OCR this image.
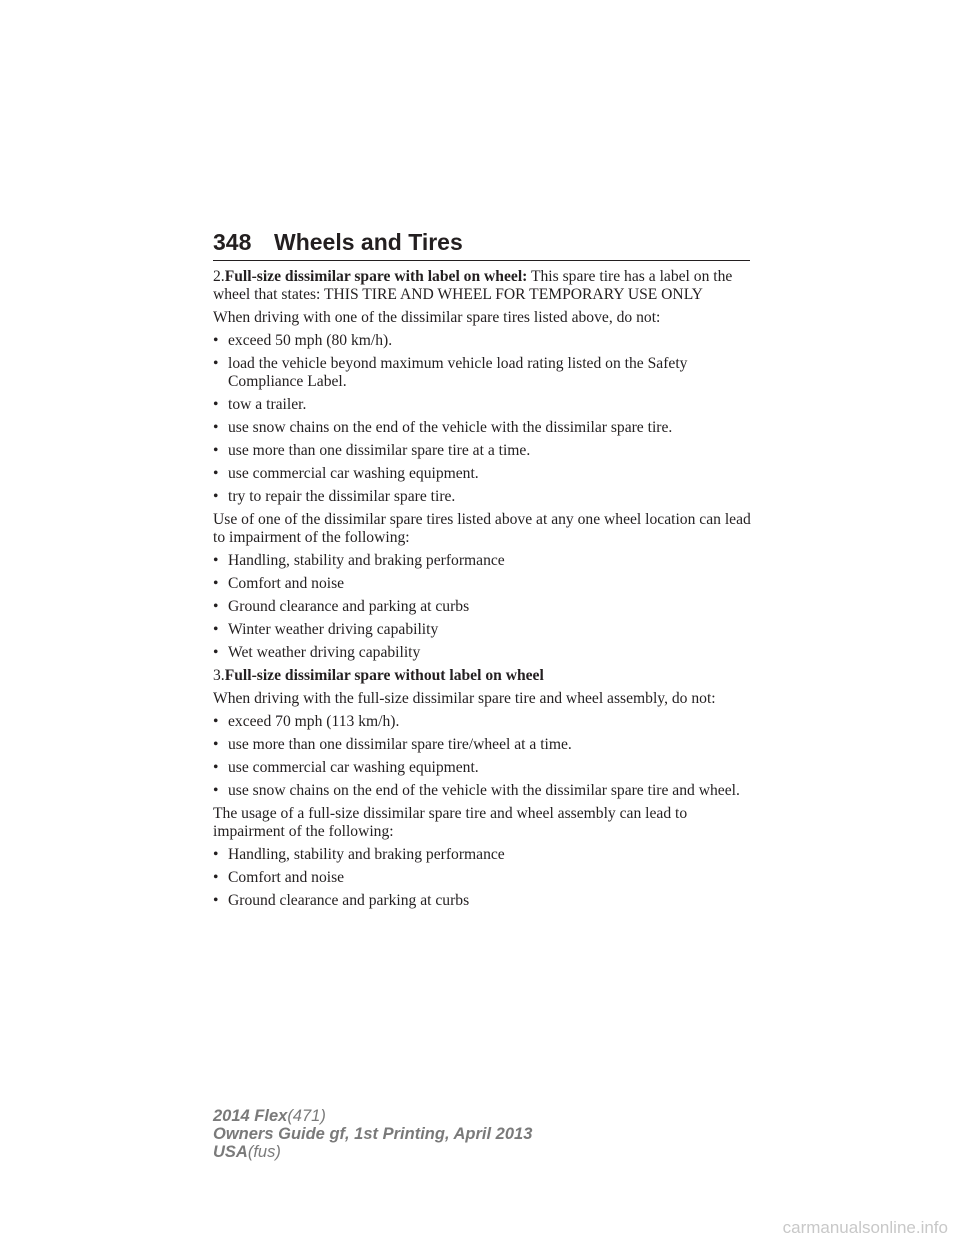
348 Wheels and Tires

2.Full-size dissimilar spare with label on wheel: This spare tire has a label on the wheel that states: THIS TIRE AND WHEEL FOR TEMPORARY USE ONLY

When driving with one of the dissimilar spare tires listed above, do not:

• exceed 50 mph (80 km/h).
• load the vehicle beyond maximum vehicle load rating listed on the Safety Compliance Label.
• tow a trailer.
• use snow chains on the end of the vehicle with the dissimilar spare tire.
• use more than one dissimilar spare tire at a time.
• use commercial car washing equipment.
• try to repair the dissimilar spare tire.

Use of one of the dissimilar spare tires listed above at any one wheel location can lead to impairment of the following:

• Handling, stability and braking performance
• Comfort and noise
• Ground clearance and parking at curbs
• Winter weather driving capability
• Wet weather driving capability

3.Full-size dissimilar spare without label on wheel

When driving with the full-size dissimilar spare tire and wheel assembly, do not:

• exceed 70 mph (113 km/h).
• use more than one dissimilar spare tire/wheel at a time.
• use commercial car washing equipment.
• use snow chains on the end of the vehicle with the dissimilar spare tire and wheel.

The usage of a full-size dissimilar spare tire and wheel assembly can lead to impairment of the following:

• Handling, stability and braking performance
• Comfort and noise
• Ground clearance and parking at curbs
2014 Flex(471)
Owners Guide gf, 1st Printing, April 2013
USA(fus)
carmanualsonline.info
